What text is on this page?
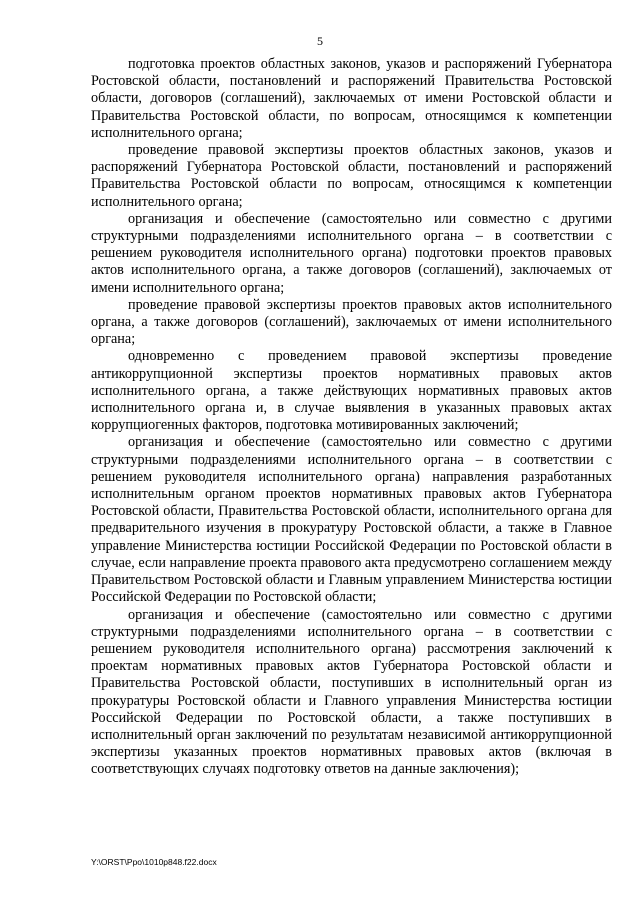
5

подготовка проектов областных законов, указов и распоряжений Губернатора Ростовской области, постановлений и распоряжений Правительства Ростовской области, договоров (соглашений), заключаемых от имени Ростовской области и Правительства Ростовской области, по вопросам, относящимся к компетенции исполнительного органа;

проведение правовой экспертизы проектов областных законов, указов и распоряжений Губернатора Ростовской области, постановлений и распоряжений Правительства Ростовской области по вопросам, относящимся к компетенции исполнительного органа;

организация и обеспечение (самостоятельно или совместно с другими структурными подразделениями исполнительного органа – в соответствии с решением руководителя исполнительного органа) подготовки проектов правовых актов исполнительного органа, а также договоров (соглашений), заключаемых от имени исполнительного органа;

проведение правовой экспертизы проектов правовых актов исполнительного органа, а также договоров (соглашений), заключаемых от имени исполнительного органа;

одновременно с проведением правовой экспертизы проведение антикоррупционной экспертизы проектов нормативных правовых актов исполнительного органа, а также действующих нормативных правовых актов исполнительного органа и, в случае выявления в указанных правовых актах коррупциогенных факторов, подготовка мотивированных заключений;

организация и обеспечение (самостоятельно или совместно с другими структурными подразделениями исполнительного органа – в соответствии с решением руководителя исполнительного органа) направления разработанных исполнительным органом проектов нормативных правовых актов Губернатора Ростовской области, Правительства Ростовской области, исполнительного органа для предварительного изучения в прокуратуру Ростовской области, а также в Главное управление Министерства юстиции Российской Федерации по Ростовской области в случае, если направление проекта правового акта предусмотрено соглашением между Правительством Ростовской области и Главным управлением Министерства юстиции Российской Федерации по Ростовской области;

организация и обеспечение (самостоятельно или совместно с другими структурными подразделениями исполнительного органа – в соответствии с решением руководителя исполнительного органа) рассмотрения заключений к проектам нормативных правовых актов Губернатора Ростовской области и Правительства Ростовской области, поступивших в исполнительный орган из прокуратуры Ростовской области и Главного управления Министерства юстиции Российской Федерации по Ростовской области, а также поступивших в исполнительный орган заключений по результатам независимой антикоррупционной экспертизы указанных проектов нормативных правовых актов (включая в соответствующих случаях подготовку ответов на данные заключения);

Y:\ORST\Ppo\1010p848.f22.docx
